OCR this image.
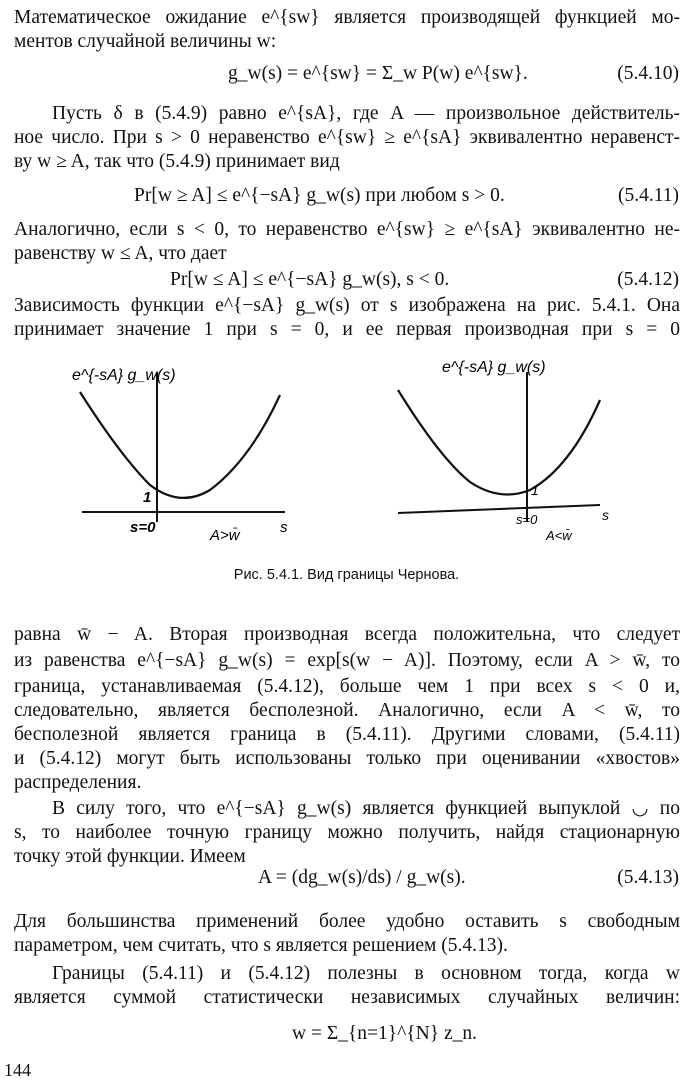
Математическое ожидание e^{sw} является производящей функцией мо-
ментов случайной величины w:
g_w(s) = e^{sw} = Σ_w P(w) e^{sw}.	(5.4.10)
Пусть δ в (5.4.9) равно e^{sA}, где A — произвольное действитель-
ное число. При s > 0 неравенство e^{sw} ≥ e^{sA} эквивалентно неравенст-
ву w ≥ A, так что (5.4.9) принимает вид
Pr[w ≥ A] ≤ e^{−sA} g_w(s) при любом s > 0.	(5.4.11)
Аналогично, если s < 0, то неравенство e^{sw} ≥ e^{sA} эквивалентно не-
равенству w ≤ A, что дает
Pr[w ≤ A] ≤ e^{−sA} g_w(s), s < 0.	(5.4.12)
Зависимость функции e^{−sA} g_w(s) от s изображена на рис. 5.4.1. Она
принимает значение 1 при s = 0, и ее первая производная при s = 0
e^{-sA} g_w(s)
1
s=0	A>w̄	s
e^{-sA} g_w(s)
1
s=0
A<w̄
s
Рис. 5.4.1. Вид границы Чернова.
равна w̄ − A. Вторая производная всегда положительна, что следует
из равенства e^{−sA} g_w(s) = exp[s(w − A)]. Поэтому, если A > w̄, то
граница, устанавливаемая (5.4.12), больше чем 1 при всех s < 0 и,
следовательно, является бесполезной. Аналогично, если A < w̄, то
бесполезной является граница в (5.4.11). Другими словами, (5.4.11)
и (5.4.12) могут быть использованы только при оценивании «хвостов»
распределения.
В силу того, что e^{−sA} g_w(s) является функцией выпуклой ◡ по
s, то наиболее точную границу можно получить, найдя стационарную
точку этой функции. Имеем
A = (dg_w(s)/ds) / g_w(s).	(5.4.13)
Для большинства применений более удобно оставить s свободным
параметром, чем считать, что s является решением (5.4.13).
Границы (5.4.11) и (5.4.12) полезны в основном тогда, когда w
является суммой статистически независимых случайных величин:
w = Σ_{n=1}^{N} z_n.
144
